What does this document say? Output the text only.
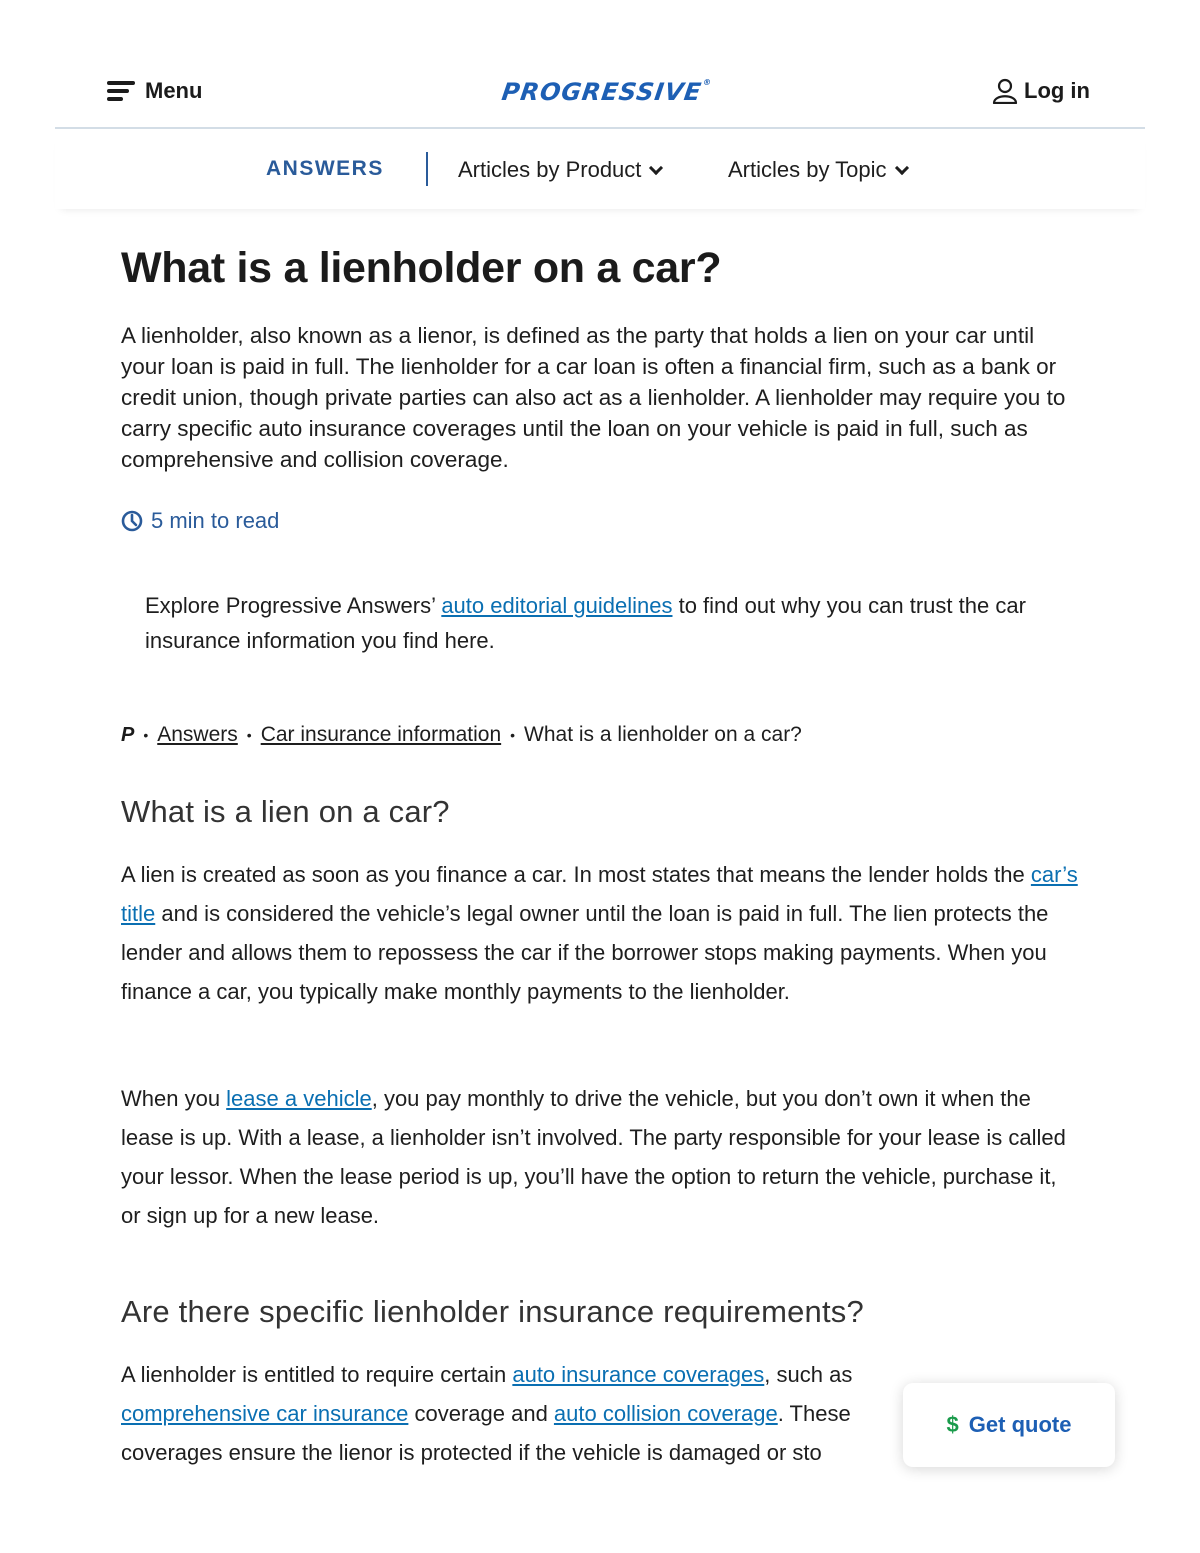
Menu	PROGRESSIVE®	Log in
ANSWERS	Articles by Product	Articles by Topic
What is a lienholder on a car?

A lienholder, also known as a lienor, is defined as the party that holds a lien on your car until your loan is paid in full. The lienholder for a car loan is often a financial firm, such as a bank or credit union, though private parties can also act as a lienholder. A lienholder may require you to carry specific auto insurance coverages until the loan on your vehicle is paid in full, such as comprehensive and collision coverage.

5 min to read

Explore Progressive Answers’ auto editorial guidelines to find out why you can trust the car insurance information you find here.

P • Answers • Car insurance information • What is a lienholder on a car?
What is a lien on a car?

A lien is created as soon as you finance a car. In most states that means the lender holds the car’s title and is considered the vehicle’s legal owner until the loan is paid in full. The lien protects the lender and allows them to repossess the car if the borrower stops making payments. When you finance a car, you typically make monthly payments to the lienholder.

When you lease a vehicle, you pay monthly to drive the vehicle, but you don’t own it when the lease is up. With a lease, a lienholder isn’t involved. The party responsible for your lease is called your lessor. When the lease period is up, you’ll have the option to return the vehicle, purchase it, or sign up for a new lease.

Are there specific lienholder insurance requirements?

A lienholder is entitled to require certain auto insurance coverages, such as
comprehensive car insurance coverage and auto collision coverage. These coverages ensure the lienor is protected if the vehicle is damaged or sto

$ Get quote
